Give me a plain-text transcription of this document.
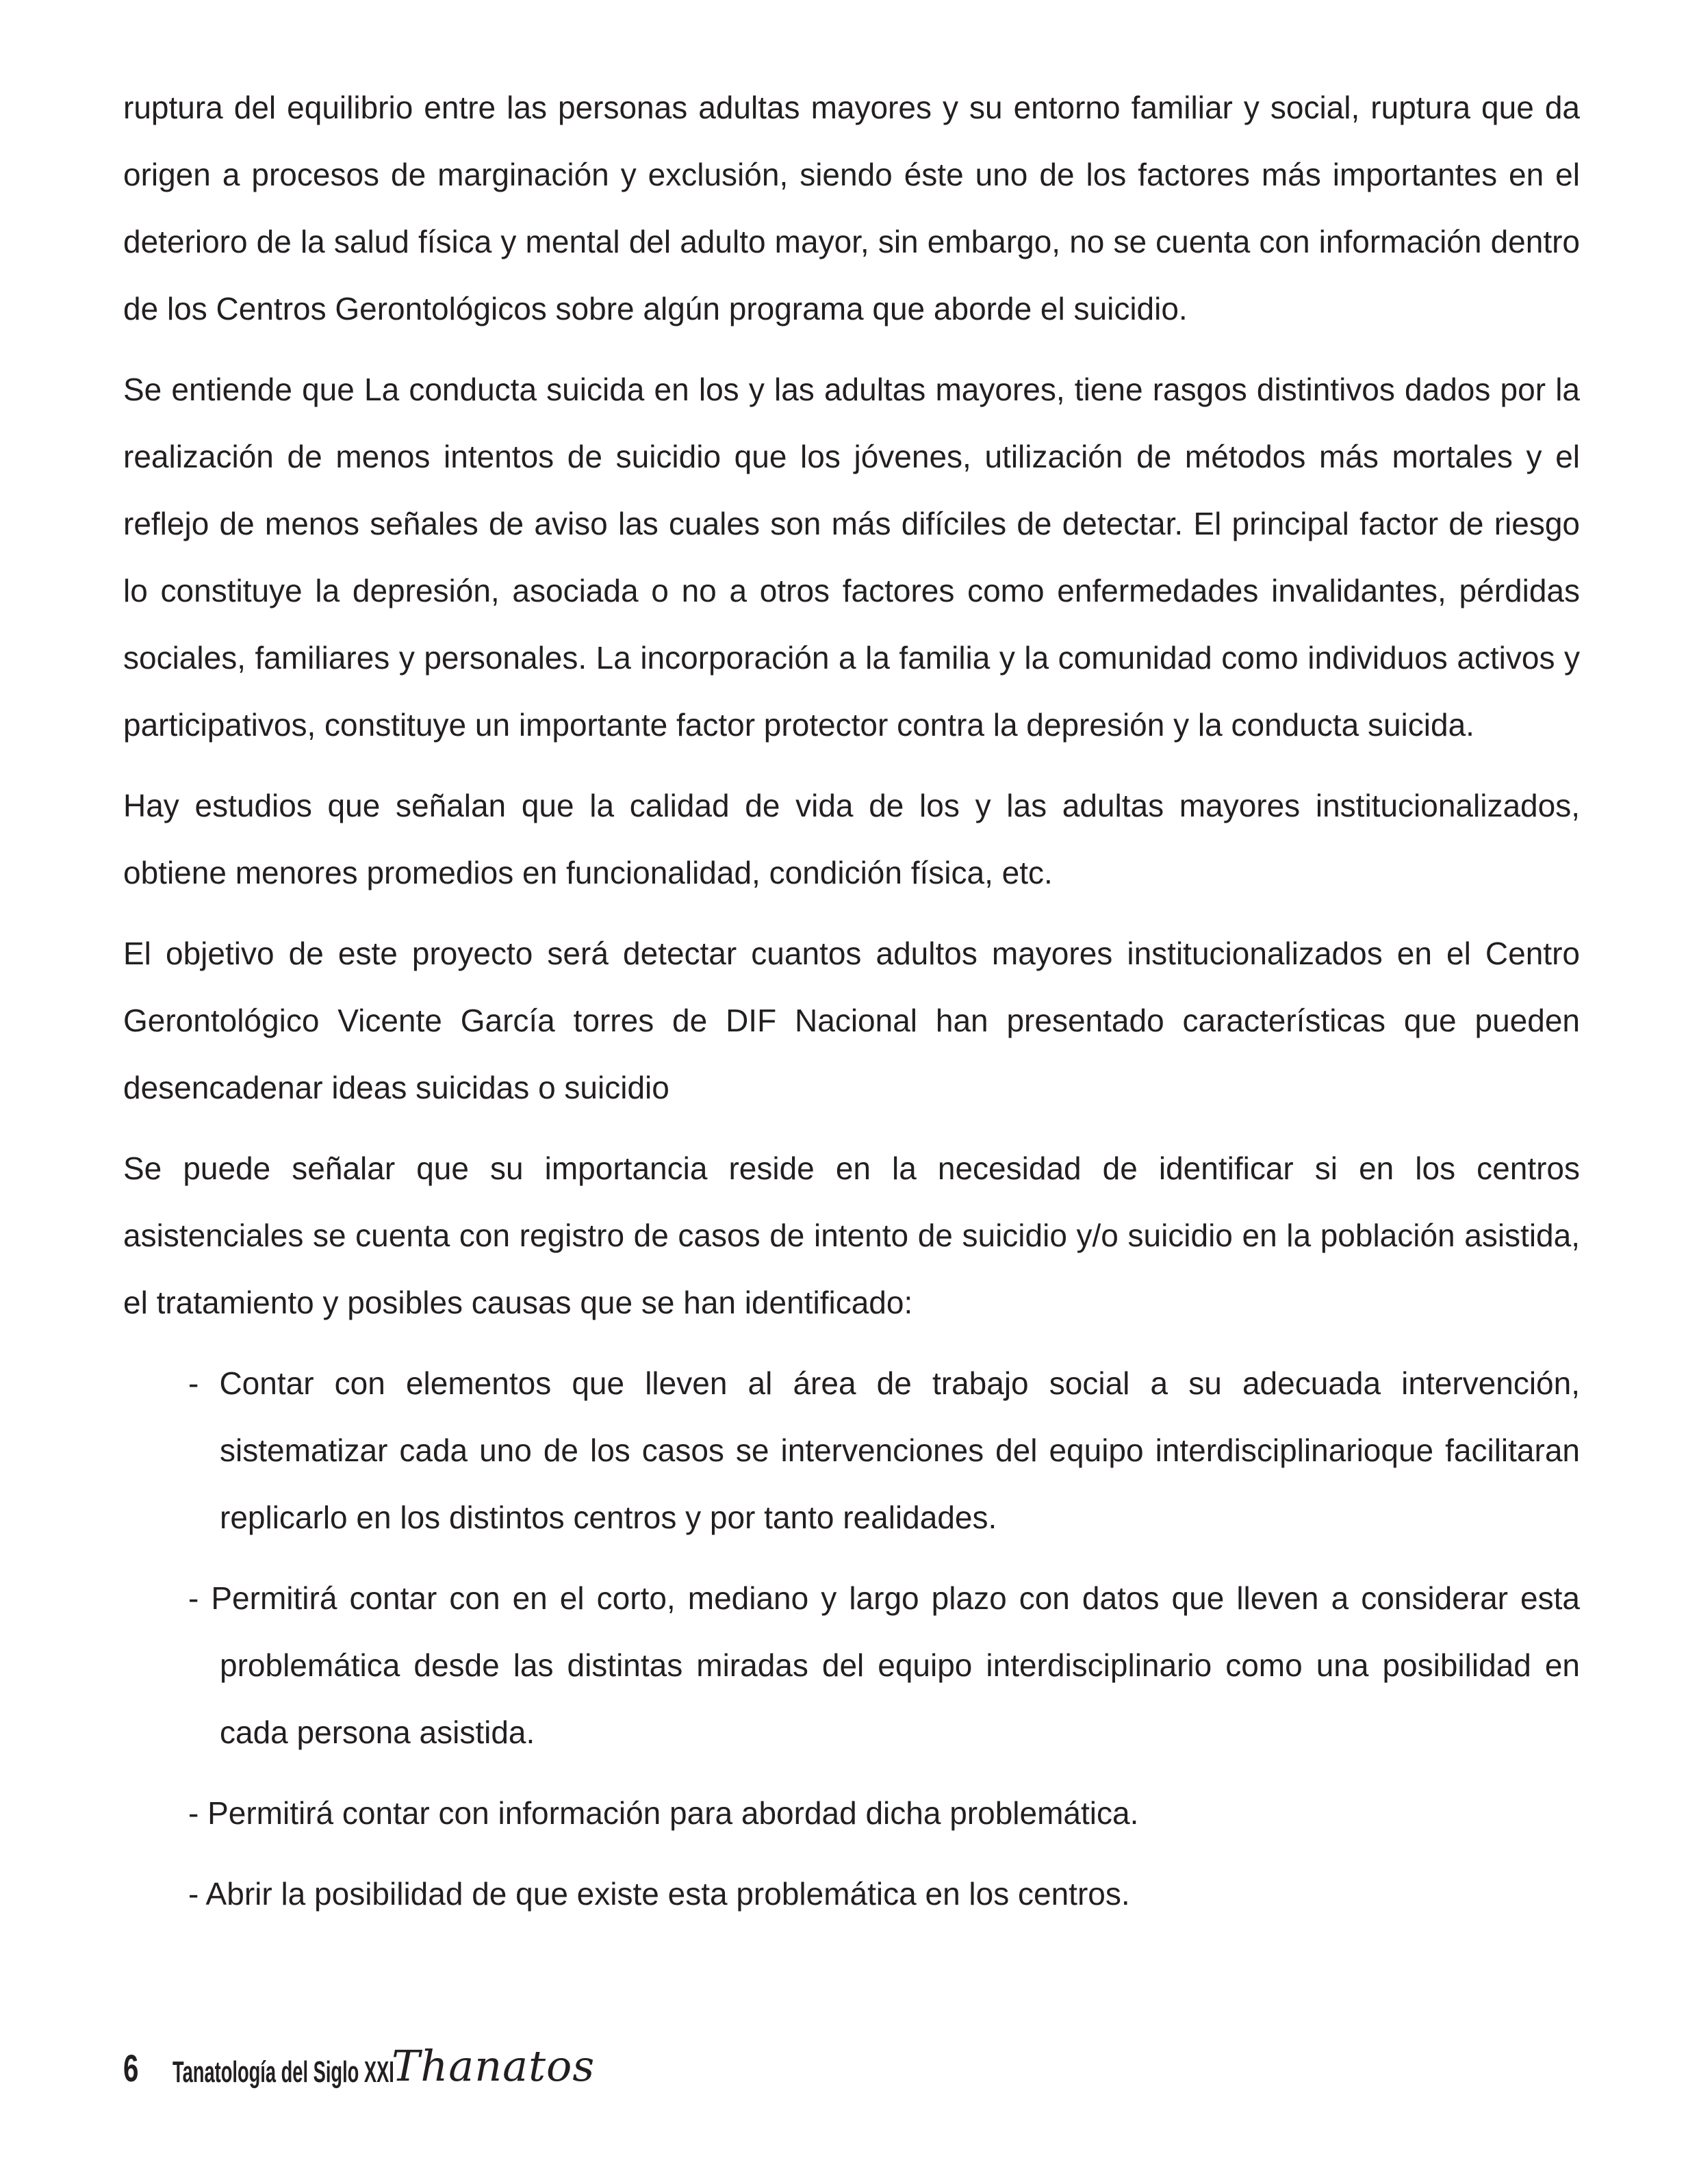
ruptura del equilibrio entre las personas adultas mayores y su entorno familiar y social, ruptura que da origen a procesos de marginación y exclusión, siendo éste uno de los factores más importantes en el deterioro de la salud física y mental del adulto mayor, sin embargo, no se cuenta con información dentro de los Centros Gerontológicos sobre algún programa que aborde el suicidio.

Se entiende que La conducta suicida en los y las adultas mayores, tiene rasgos distintivos dados por la realización de menos intentos de suicidio que los jóvenes, utilización de métodos más mortales y el reflejo de menos señales de aviso las cuales son más difíciles de detectar. El principal factor de riesgo lo constituye la depresión, asociada o no a otros factores como enfermedades invalidantes, pérdidas sociales, familiares y personales. La incorporación a la familia y la comunidad como individuos activos y participativos, constituye un importante factor protector contra la depresión y la conducta suicida.

Hay estudios que señalan que la calidad de vida de los y las adultas mayores institucionalizados, obtiene menores promedios en funcionalidad, condición física, etc.

El objetivo de este proyecto será detectar cuantos adultos mayores institucionalizados en el Centro Gerontológico Vicente García torres de DIF Nacional han presentado características que pueden desencadenar ideas suicidas o suicidio

Se puede señalar que su importancia reside en la necesidad de identificar si en los centros asistenciales se cuenta con registro de casos de intento de suicidio y/o suicidio en la población asistida, el tratamiento y posibles causas que se han identificado:

- Contar con elementos que lleven al área de trabajo social a su adecuada intervención, sistematizar cada uno de los casos se intervenciones del equipo interdisciplinarioque facilitaran replicarlo en los distintos centros y por tanto realidades.

- Permitirá contar con en el corto, mediano y largo plazo con datos que lleven a considerar esta problemática desde las distintas miradas del equipo interdisciplinario como una posibilidad en cada persona asistida.

- Permitirá contar con información para abordad dicha problemática.

- Abrir la posibilidad de que existe esta problemática en los centros.

6 Tanatología del Siglo XXI
Thanatos
